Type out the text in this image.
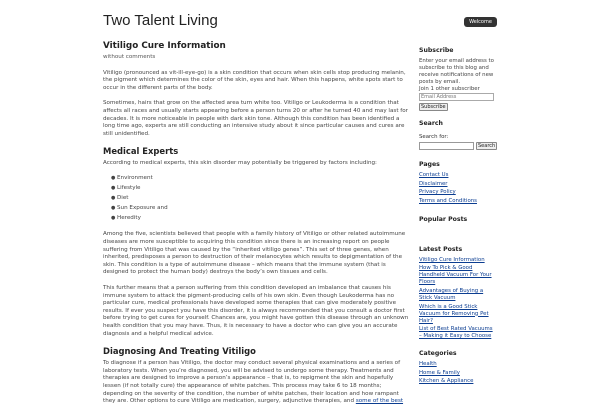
Two Talent Living	Welcome
Vitiligo Cure Information
without comments

Vitiligo (pronounced as vit-ill-eye-go) is a skin condition that occurs when skin cells stop producing melanin, the pigment which determines the color of the skin, eyes and hair. When this happens, white spots start to occur in the different parts of the body.

Sometimes, hairs that grow on the affected area turn white too. Vitiligo or Leukoderma is a condition that affects all races and usually starts appearing before a person turns 20 or after he turned 40 and may last for decades. It is more noticeable in people with dark skin tone. Although this condition has been identified a long time ago, experts are still conducting an intensive study about it since particular causes and cures are still unidentified.

Medical Experts

According to medical experts, this skin disorder may potentially be triggered by factors including:

● Environment
● Lifestyle
● Diet
● Sun Exposure and
● Heredity

Among the five, scientists believed that people with a family history of Vitiligo or other related autoimmune diseases are more susceptible to acquiring this condition since there is an increasing report on people suffering from Vitiligo that was caused by the “inherited vitiligo genes”. This set of three genes, when inherited, predisposes a person to destruction of their melanocytes which results to depigmentation of the skin. This condition is a type of autoimmune disease – which means that the immune system (that is designed to protect the human body) destroys the body’s own tissues and cells.

This further means that a person suffering from this condition developed an imbalance that causes his immune system to attack the pigment-producing cells of his own skin. Even though Leukoderma has no particular cure, medical professionals have developed some therapies that can give moderately positive results. If ever you suspect you have this disorder, it is always recommended that you consult a doctor first before trying to get cures for yourself. Chances are, you might have gotten this disease through an unknown health condition that you may have. Thus, it is necessary to have a doctor who can give you an accurate diagnosis and a helpful medical advice.

Diagnosing And Treating Vitiligo

To diagnose if a person has Vitiligo, the doctor may conduct several physical examinations and a series of laboratory tests. When you’re diagnosed, you will be advised to undergo some therapy. Treatments and therapies are designed to improve a person’s appearance – that is, to repigment the skin and hopefully lessen (if not totally cure) the appearance of white patches. This process may take 6 to 18 months; depending on the severity of the condition, the number of white patches, their location and how rampant they are. Other options to cure Vitiligo are medication, surgery, adjunctive therapies, and some of the best

Subscribe
Enter your email address to subscribe to this blog and receive notifications of new posts by email.
Join 1 other subscriber
Email Address Subscribe
Search
Search for:
Search
Pages
Contact Us
Disclaimer
Privacy Policy
Terms and Conditions
Popular Posts
Latest Posts
Vitiligo Cure Information
How To Pick & Good Handheld Vacuum For Your Floors
Advantages of Buying a Stick Vacuum
Which is a Good Stick Vacuum for Removing Pet Hair?
List of Best Rated Vacuums – Making it Easy to Choose
Categories
Health
Home & Family
Kitchen & Appliance
